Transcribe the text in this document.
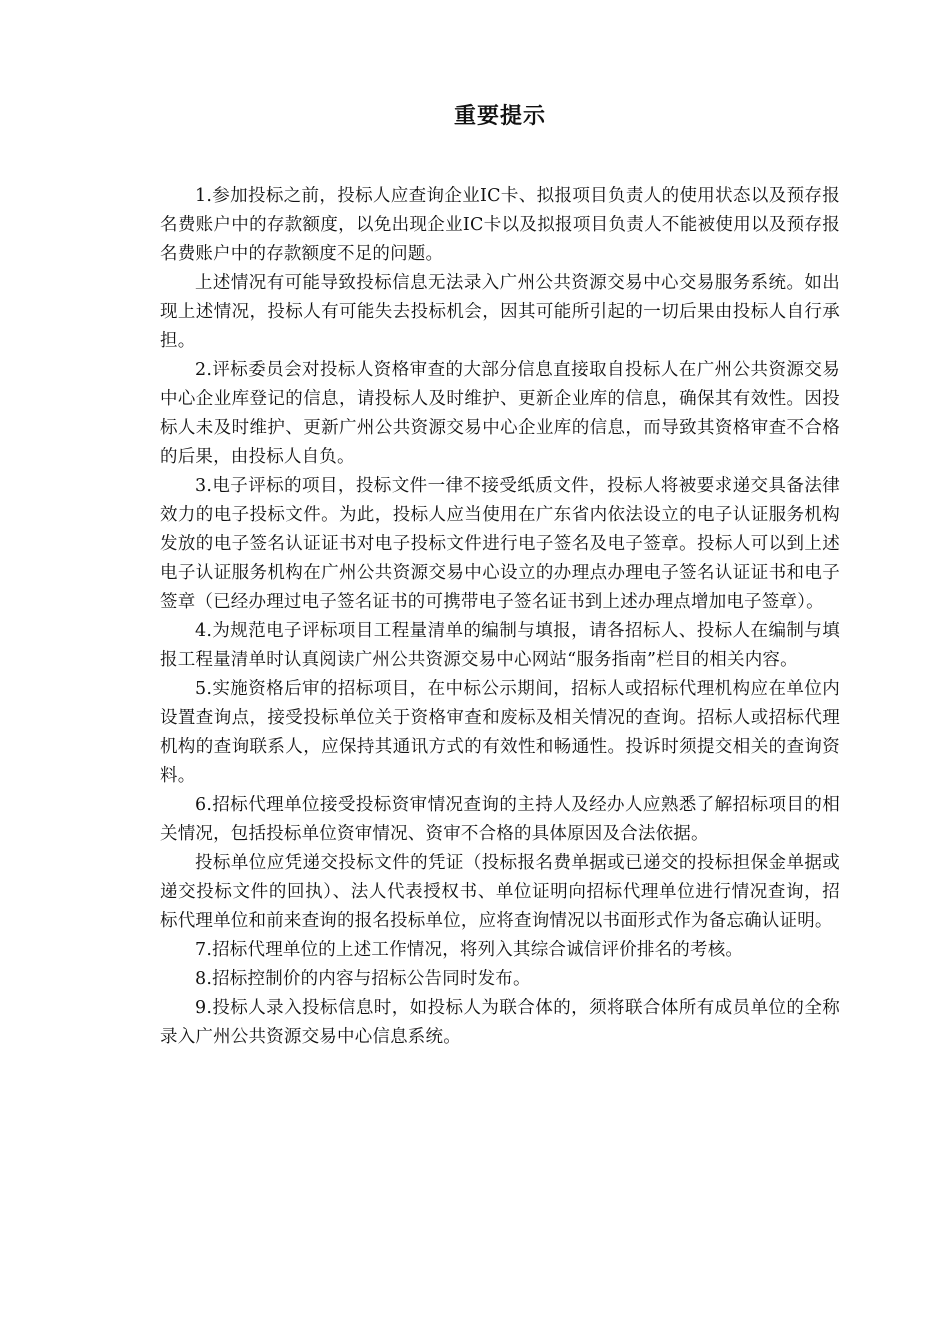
重要提示

1.参加投标之前，投标人应查询企业IC卡、拟报项目负责人的使用状态以及预存报名费账户中的存款额度，以免出现企业IC卡以及拟报项目负责人不能被使用以及预存报名费账户中的存款额度不足的问题。

上述情况有可能导致投标信息无法录入广州公共资源交易中心交易服务系统。如出现上述情况，投标人有可能失去投标机会，因其可能所引起的一切后果由投标人自行承担。

2.评标委员会对投标人资格审查的大部分信息直接取自投标人在广州公共资源交易中心企业库登记的信息，请投标人及时维护、更新企业库的信息，确保其有效性。因投标人未及时维护、更新广州公共资源交易中心企业库的信息，而导致其资格审查不合格的后果，由投标人自负。

3.电子评标的项目，投标文件一律不接受纸质文件，投标人将被要求递交具备法律效力的电子投标文件。为此，投标人应当使用在广东省内依法设立的电子认证服务机构发放的电子签名认证证书对电子投标文件进行电子签名及电子签章。投标人可以到上述电子认证服务机构在广州公共资源交易中心设立的办理点办理电子签名认证证书和电子签章（已经办理过电子签名证书的可携带电子签名证书到上述办理点增加电子签章）。

4.为规范电子评标项目工程量清单的编制与填报，请各招标人、投标人在编制与填报工程量清单时认真阅读广州公共资源交易中心网站“服务指南”栏目的相关内容。

5.实施资格后审的招标项目，在中标公示期间，招标人或招标代理机构应在单位内设置查询点，接受投标单位关于资格审查和废标及相关情况的查询。招标人或招标代理机构的查询联系人，应保持其通讯方式的有效性和畅通性。投诉时须提交相关的查询资料。

6.招标代理单位接受投标资审情况查询的主持人及经办人应熟悉了解招标项目的相关情况，包括投标单位资审情况、资审不合格的具体原因及合法依据。

投标单位应凭递交投标文件的凭证（投标报名费单据或已递交的投标担保金单据或递交投标文件的回执）、法人代表授权书、单位证明向招标代理单位进行情况查询，招标代理单位和前来查询的报名投标单位，应将查询情况以书面形式作为备忘确认证明。

7.招标代理单位的上述工作情况，将列入其综合诚信评价排名的考核。

8.招标控制价的内容与招标公告同时发布。

9.投标人录入投标信息时，如投标人为联合体的，须将联合体所有成员单位的全称录入广州公共资源交易中心信息系统。
